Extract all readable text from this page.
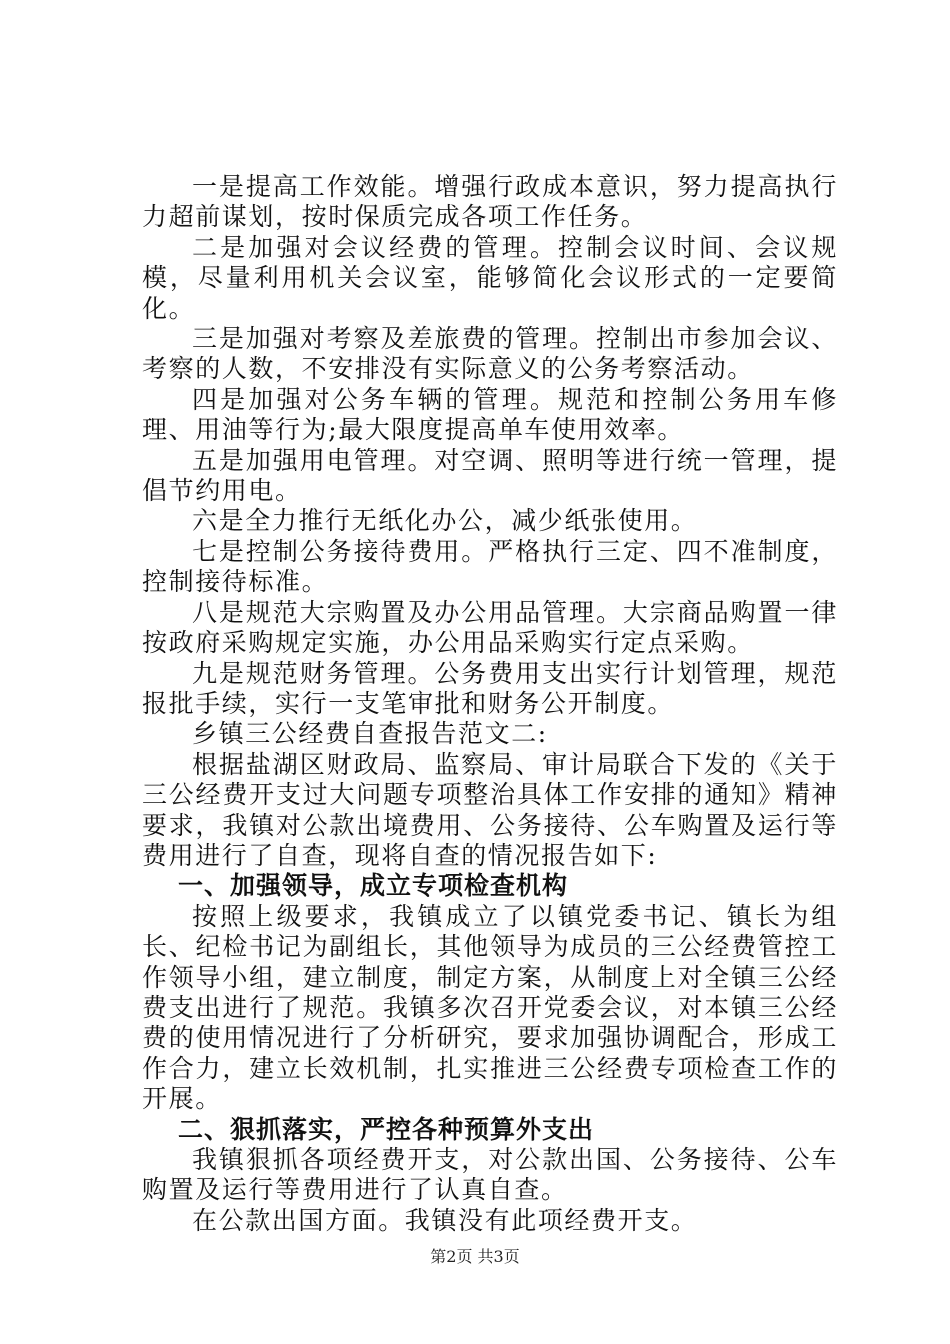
一是提高工作效能。增强行政成本意识，努力提高执行力超前谋划，按时保质完成各项工作任务。

二是加强对会议经费的管理。控制会议时间、会议规模，尽量利用机关会议室，能够简化会议形式的一定要简化。

三是加强对考察及差旅费的管理。控制出市参加会议、考察的人数，不安排没有实际意义的公务考察活动。

四是加强对公务车辆的管理。规范和控制公务用车修理、用油等行为;最大限度提高单车使用效率。

五是加强用电管理。对空调、照明等进行统一管理，提倡节约用电。

六是全力推行无纸化办公，减少纸张使用。

七是控制公务接待费用。严格执行三定、四不准制度，控制接待标准。

八是规范大宗购置及办公用品管理。大宗商品购置一律按政府采购规定实施，办公用品采购实行定点采购。

九是规范财务管理。公务费用支出实行计划管理，规范报批手续，实行一支笔审批和财务公开制度。

乡镇三公经费自查报告范文二:

根据盐湖区财政局、监察局、审计局联合下发的《关于三公经费开支过大问题专项整治具体工作安排的通知》精神要求，我镇对公款出境费用、公务接待、公车购置及运行等费用进行了自查，现将自查的情况报告如下:

一、加强领导，成立专项检查机构

按照上级要求，我镇成立了以镇党委书记、镇长为组长、纪检书记为副组长，其他领导为成员的三公经费管控工作领导小组，建立制度，制定方案，从制度上对全镇三公经费支出进行了规范。我镇多次召开党委会议，对本镇三公经费的使用情况进行了分析研究，要求加强协调配合，形成工作合力，建立长效机制，扎实推进三公经费专项检查工作的开展。

二、狠抓落实，严控各种预算外支出

我镇狠抓各项经费开支，对公款出国、公务接待、公车购置及运行等费用进行了认真自查。

在公款出国方面。我镇没有此项经费开支。

第2页 共3页
